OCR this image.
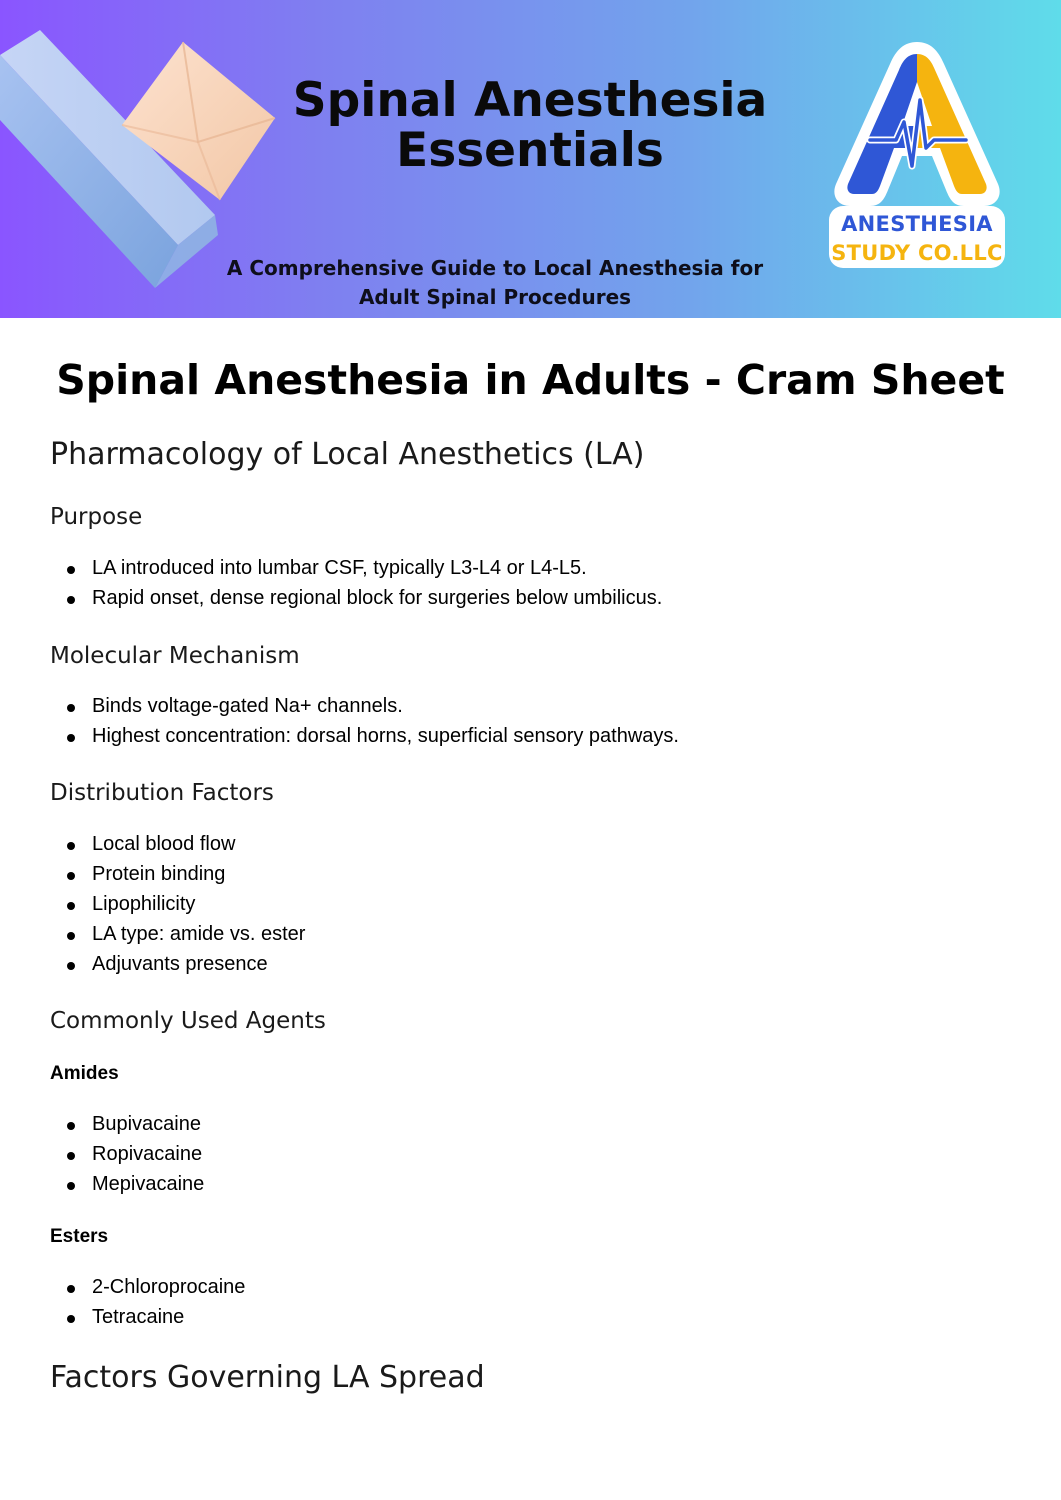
Spinal Anesthesia
Essentials

A Comprehensive Guide to Local Anesthesia for
Adult Spinal Procedures

ANESTHESIA
STUDY CO.LLC
Spinal Anesthesia in Adults - Cram Sheet
Pharmacology of Local Anesthetics (LA)
Purpose
LA introduced into lumbar CSF, typically L3-L4 or L4-L5.
Rapid onset, dense regional block for surgeries below umbilicus.
Molecular Mechanism
Binds voltage-gated Na+ channels.
Highest concentration: dorsal horns, superficial sensory pathways.
Distribution Factors
Local blood flow
Protein binding
Lipophilicity
LA type: amide vs. ester
Adjuvants presence
Commonly Used Agents
Amides
Bupivacaine
Ropivacaine
Mepivacaine
Esters
2-Chloroprocaine
Tetracaine
Factors Governing LA Spread
